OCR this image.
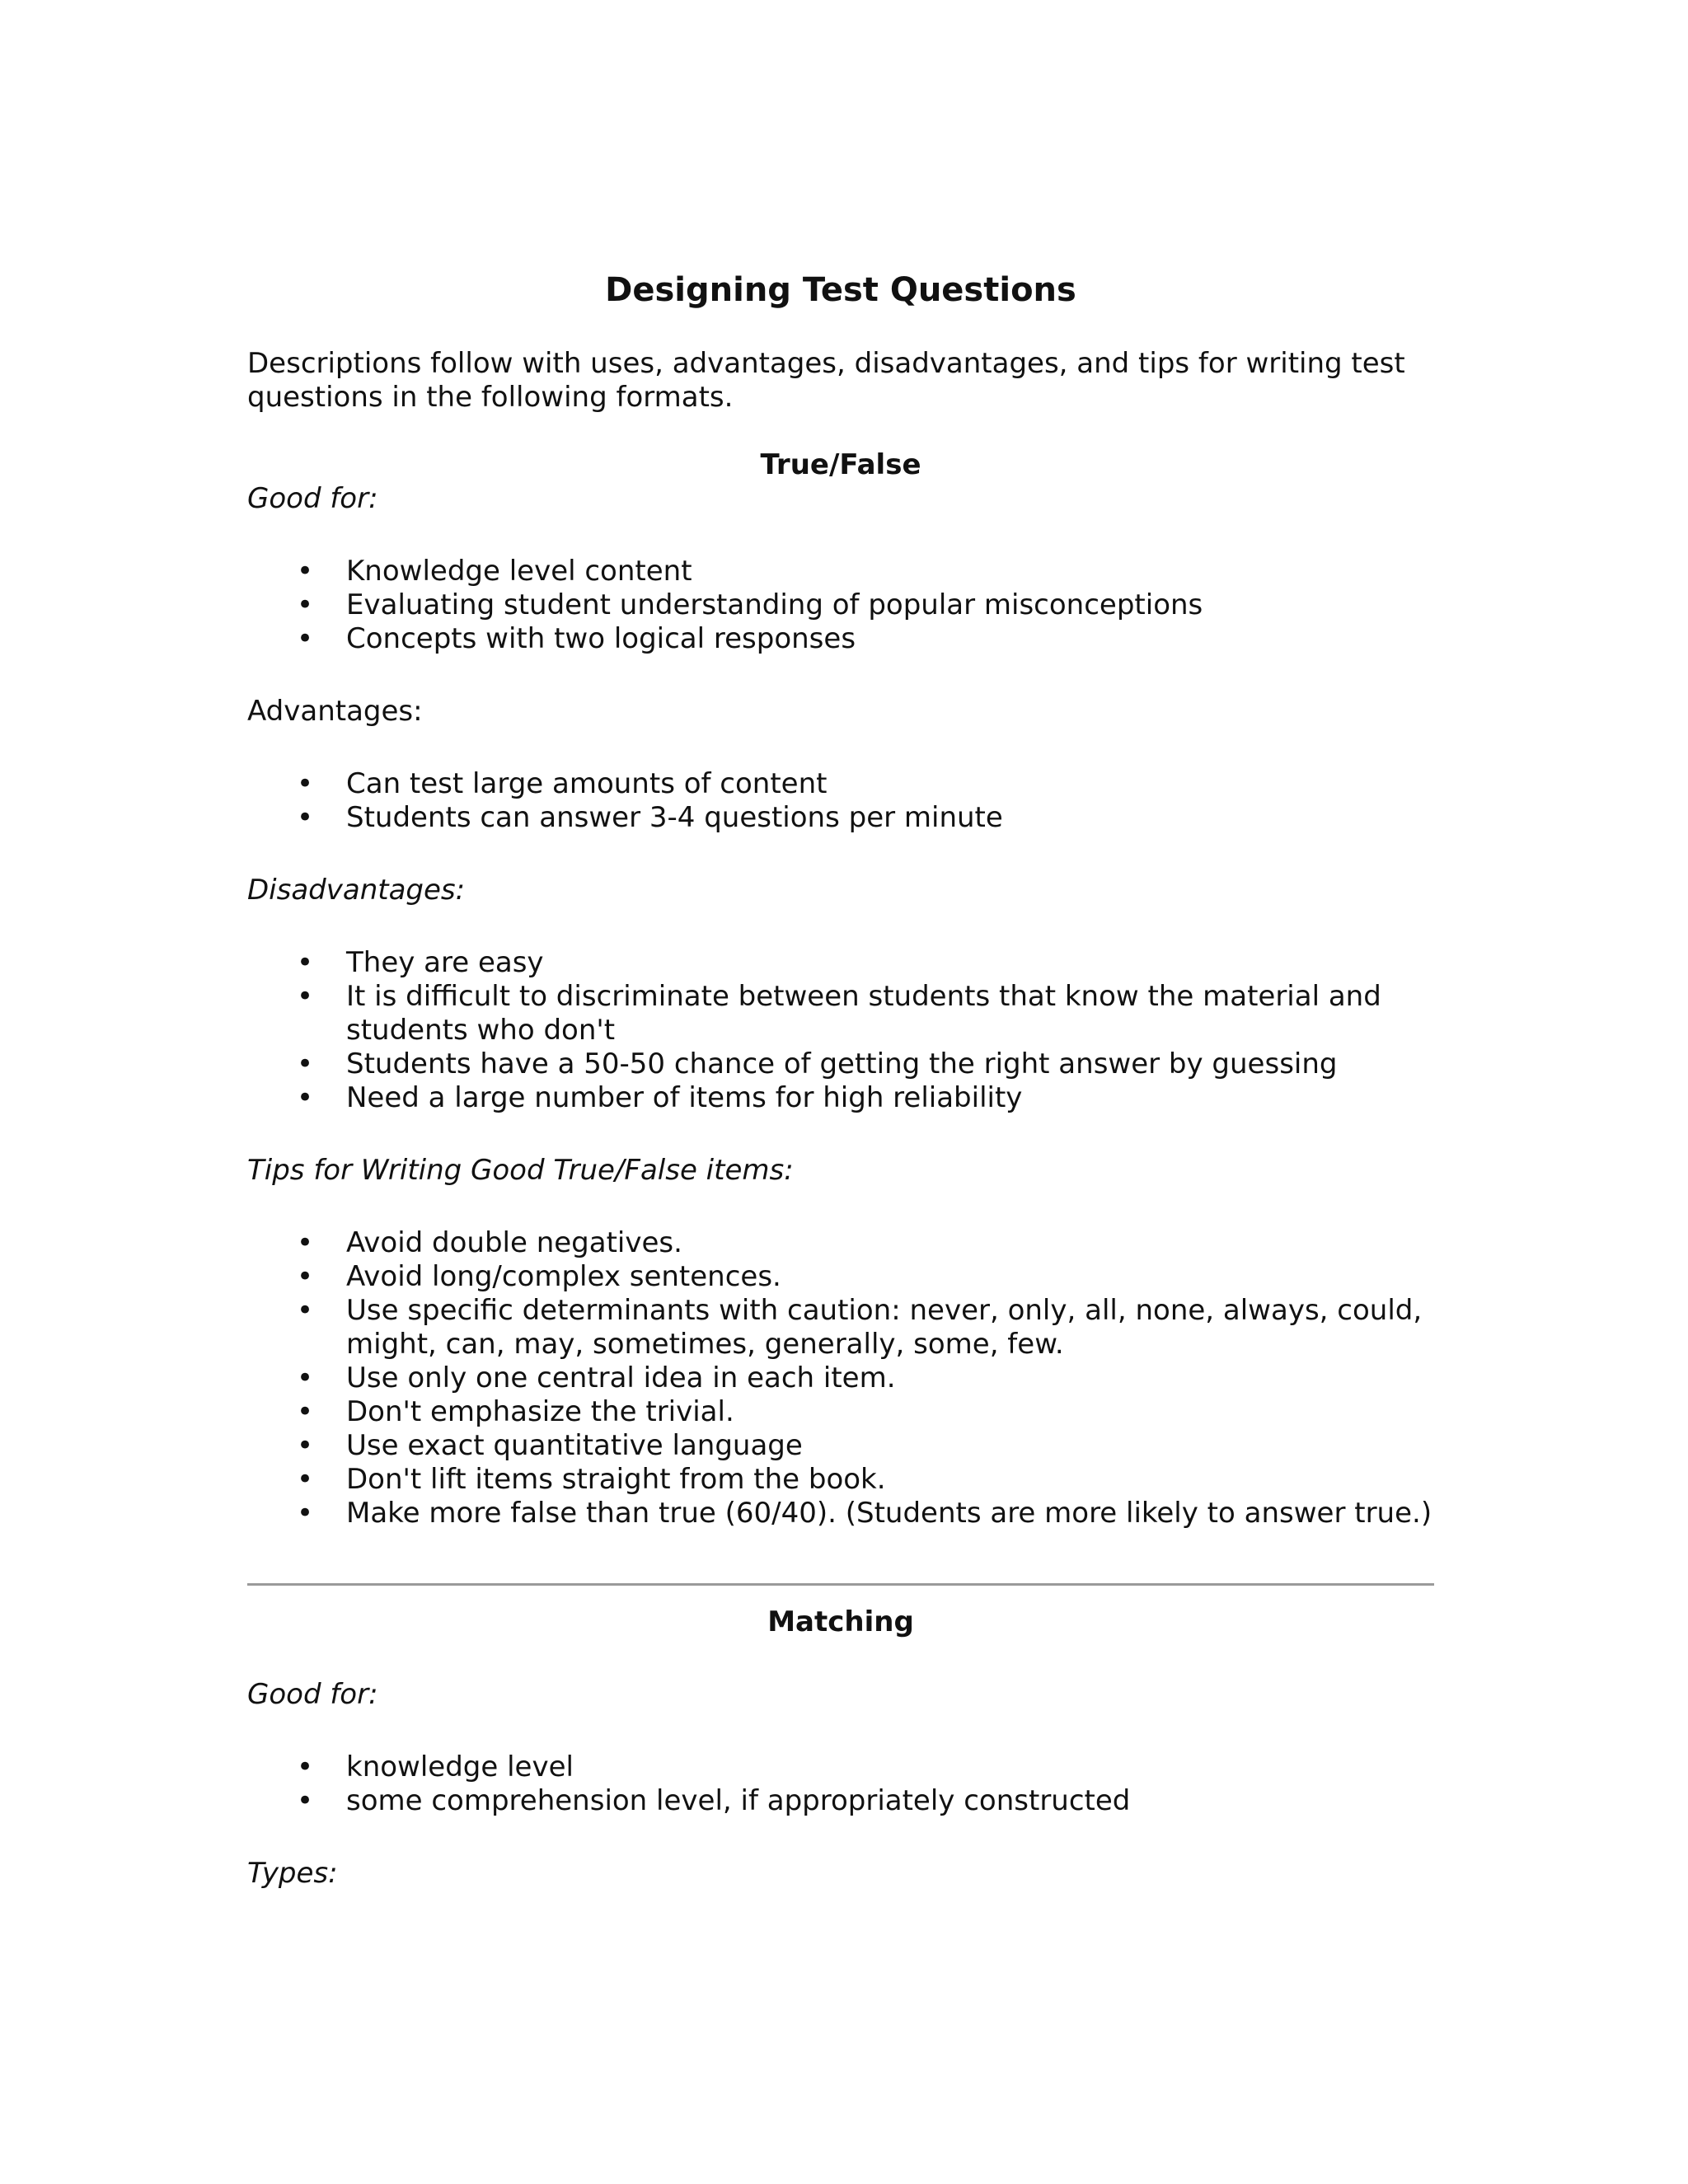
Designing Test Questions

Descriptions follow with uses, advantages, disadvantages, and tips for writing test questions in the following formats.

True/False

Good for:

• Knowledge level content
• Evaluating student understanding of popular misconceptions
• Concepts with two logical responses

Advantages:

• Can test large amounts of content
• Students can answer 3-4 questions per minute

Disadvantages:

• They are easy
• It is difficult to discriminate between students that know the material and students who don't
• Students have a 50-50 chance of getting the right answer by guessing
• Need a large number of items for high reliability

Tips for Writing Good True/False items:

• Avoid double negatives.
• Avoid long/complex sentences.
• Use specific determinants with caution: never, only, all, none, always, could, might, can, may, sometimes, generally, some, few.
• Use only one central idea in each item.
• Don't emphasize the trivial.
• Use exact quantitative language
• Don't lift items straight from the book.
• Make more false than true (60/40). (Students are more likely to answer true.)
Matching

Good for:

• knowledge level
• some comprehension level, if appropriately constructed

Types:
